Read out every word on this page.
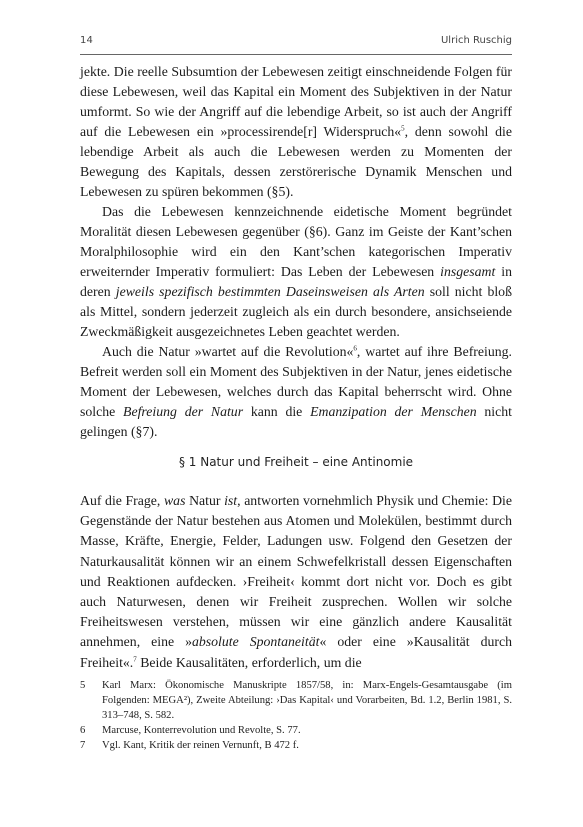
14	Ulrich Ruschig

jekte. Die reelle Subsumtion der Lebewesen zeitigt einschneidende Folgen für diese Lebewesen, weil das Kapital ein Moment des Subjektiven in der Natur umformt. So wie der Angriff auf die lebendige Arbeit, so ist auch der Angriff auf die Lebewesen ein »processirende[r] Widerspruch«$^5$, denn sowohl die lebendige Arbeit als auch die Lebewesen werden zu Momenten der Bewegung des Kapitals, dessen zerstörerische Dynamik Menschen und Lebewesen zu spüren bekommen (§5).

Das die Lebewesen kennzeichnende eidetische Moment begründet Moralität diesen Lebewesen gegenüber (§6). Ganz im Geiste der Kant’schen Moralphilosophie wird ein den Kant’schen kategorischen Imperativ erweiternder Imperativ formuliert: Das Leben der Lebewesen insgesamt in deren jeweils spezifisch bestimmten Daseinsweisen als Arten soll nicht bloß als Mittel, sondern jederzeit zugleich als ein durch besondere, ansichseiende Zweckmäßigkeit ausgezeichnetes Leben geachtet werden.

Auch die Natur »wartet auf die Revolution«$^6$, wartet auf ihre Befreiung. Befreit werden soll ein Moment des Subjektiven in der Natur, jenes eidetische Moment der Lebewesen, welches durch das Kapital beherrscht wird. Ohne solche Befreiung der Natur kann die Emanzipation der Menschen nicht gelingen (§7).

§ 1 Natur und Freiheit – eine Antinomie

Auf die Frage, was Natur ist, antworten vornehmlich Physik und Chemie: Die Gegenstände der Natur bestehen aus Atomen und Molekülen, bestimmt durch Masse, Kräfte, Energie, Felder, Ladungen usw. Folgend den Gesetzen der Naturkausalität können wir an einem Schwefelkristall dessen Eigenschaften und Reaktionen aufdecken. ›Freiheit‹ kommt dort nicht vor. Doch es gibt auch Naturwesen, denen wir Freiheit zusprechen. Wollen wir solche Freiheitswesen verstehen, müssen wir eine gänzlich andere Kausalität annehmen, eine »absolute Spontaneität« oder eine »Kausalität durch Freiheit«.$^7$ Beide Kausalitäten, erforderlich, um die

5 Karl Marx: Ökonomische Manuskripte 1857/58, in: Marx-Engels-Gesamtausgabe (im Folgenden: MEGA²), Zweite Abteilung: ›Das Kapital‹ und Vorarbeiten, Bd. 1.2, Berlin 1981, S. 313–748, S. 582.
6 Marcuse, Konterrevolution und Revolte, S. 77.
7 Vgl. Kant, Kritik der reinen Vernunft, B 472 f.
